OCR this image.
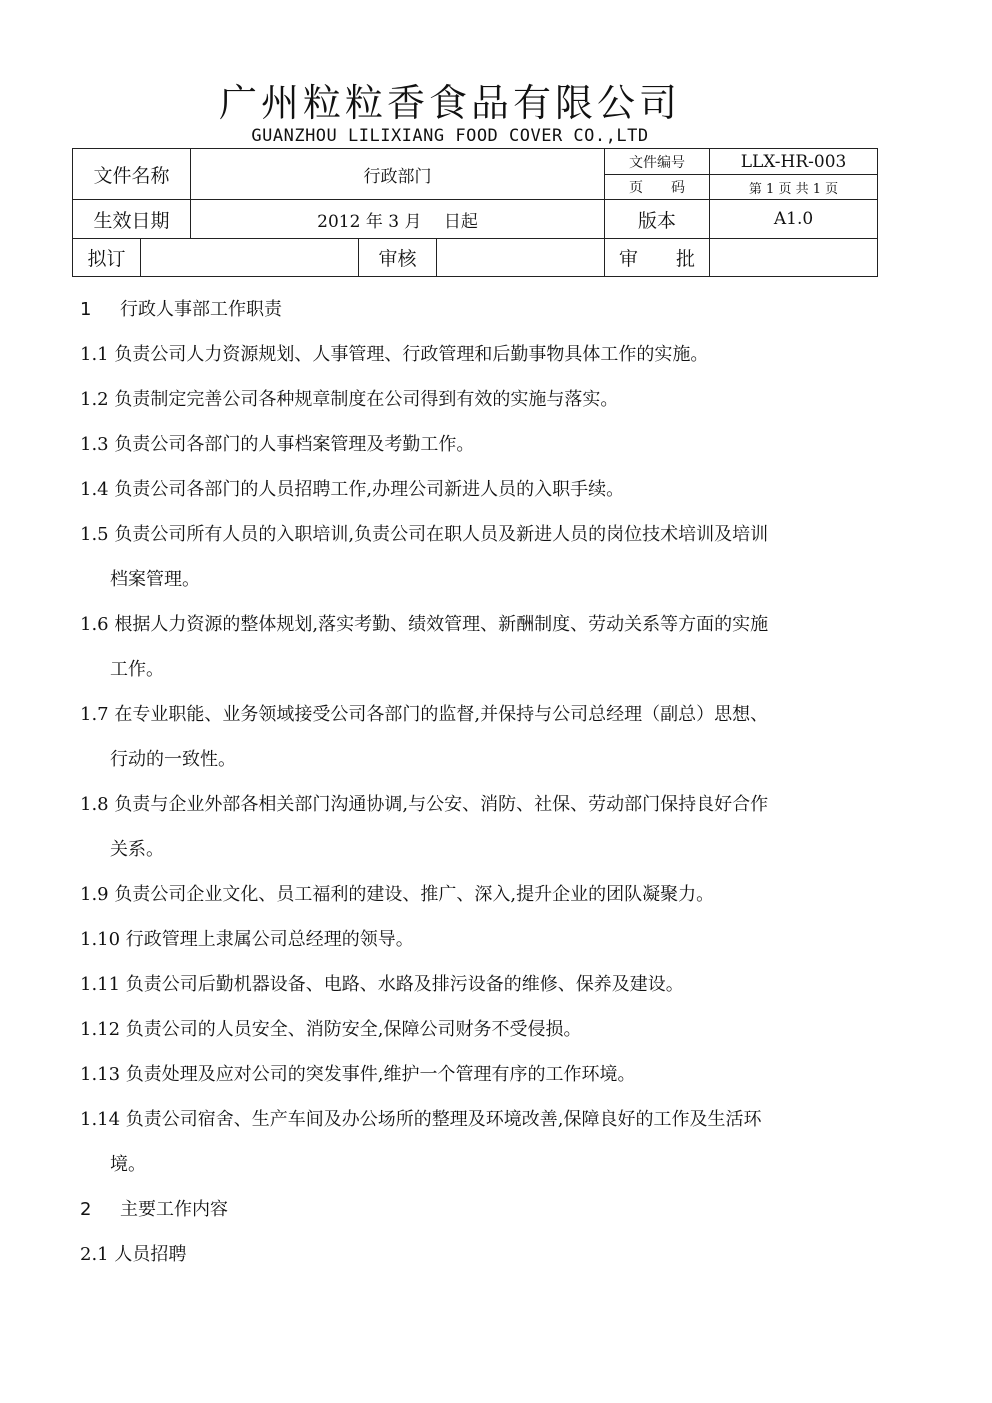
广州粒粒香食品有限公司
GUANZHOU LILIXIANG FOOD COVER CO.,LTD
文件名称		行政部门			文件编号	LLX-HR-003
					页　　码	第 1 页 共 1 页
生效日期		2012 年 3 月　 日起			版本	A1.0
拟订			审核		审　　批	
1 行政人事部工作职责
1.1 负责公司人力资源规划、人事管理、行政管理和后勤事物具体工作的实施。
1.2 负责制定完善公司各种规章制度在公司得到有效的实施与落实。
1.3 负责公司各部门的人事档案管理及考勤工作。
1.4 负责公司各部门的人员招聘工作,办理公司新进人员的入职手续。
1.5 负责公司所有人员的入职培训,负责公司在职人员及新进人员的岗位技术培训及培训
档案管理。
1.6 根据人力资源的整体规划,落实考勤、绩效管理、新酬制度、劳动关系等方面的实施
工作。
1.7 在专业职能、业务领域接受公司各部门的监督,并保持与公司总经理（副总）思想、
行动的一致性。
1.8 负责与企业外部各相关部门沟通协调,与公安、消防、社保、劳动部门保持良好合作
关系。
1.9 负责公司企业文化、员工福利的建设、推广、深入,提升企业的团队凝聚力。
1.10 行政管理上隶属公司总经理的领导。
1.11 负责公司后勤机器设备、电路、水路及排污设备的维修、保养及建设。
1.12 负责公司的人员安全、消防安全,保障公司财务不受侵损。
1.13 负责处理及应对公司的突发事件,维护一个管理有序的工作环境。
1.14 负责公司宿舍、生产车间及办公场所的整理及环境改善,保障良好的工作及生活环
境。
2 主要工作内容
2.1 人员招聘
